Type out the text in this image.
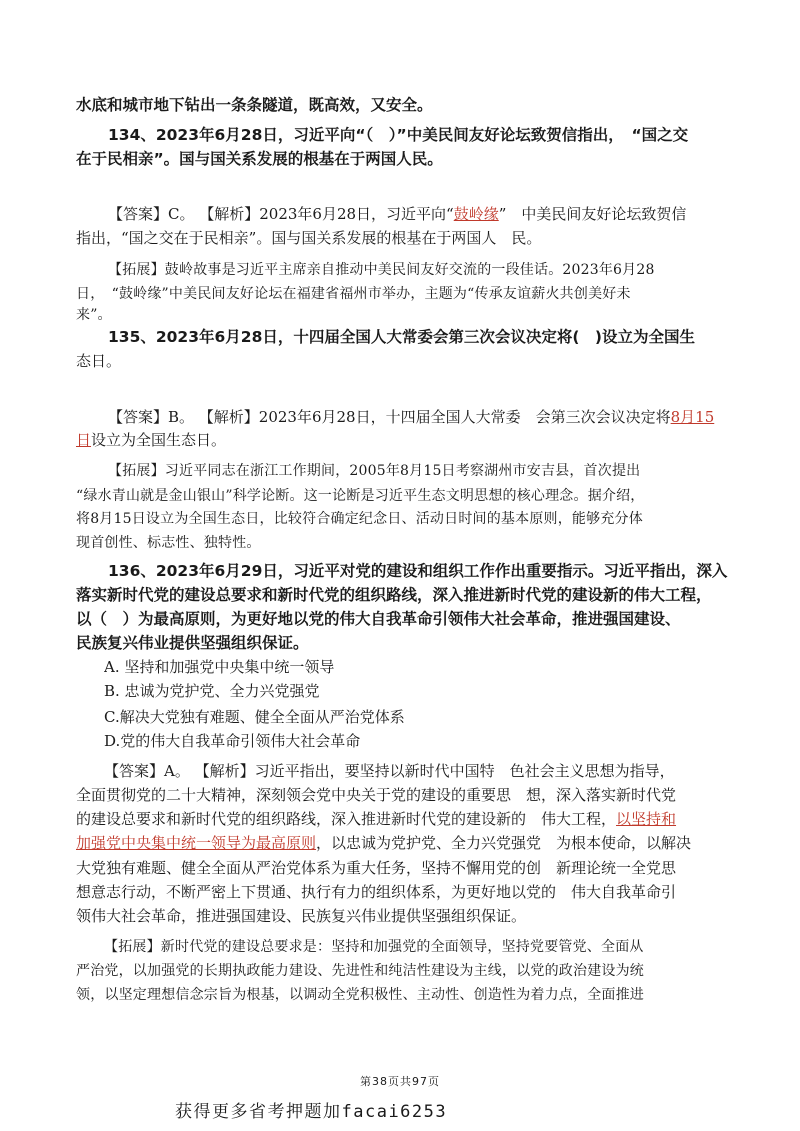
水底和城市地下钻出一条条隧道，既高效，又安全。
134、2023年6月28日，习近平向“（　）”中美民间友好论坛致贺信指出，　“国之交
在于民相亲”。国与国关系发展的根基在于两国人民。
【答案】C。 【解析】2023年6月28日，习近平向“鼓岭缘”　中美民间友好论坛致贺信
指出，“国之交在于民相亲”。国与国关系发展的根基在于两国人　民。
【拓展】鼓岭故事是习近平主席亲自推动中美民间友好交流的一段佳话。2023年6月28
日，　“鼓岭缘”中美民间友好论坛在福建省福州市举办，主题为“传承友谊薪火共创美好未
来”。
135、2023年6月28日，十四届全国人大常委会第三次会议决定将(　)设立为全国生
态日。
【答案】B。 【解析】2023年6月28日，十四届全国人大常委　会第三次会议决定将8月15
日设立为全国生态日。
【拓展】习近平同志在浙江工作期间，2005年8月15日考察湖州市安吉县，首次提出
“绿水青山就是金山银山”科学论断。这一论断是习近平生态文明思想的核心理念。据介绍，
将8月15日设立为全国生态日，比较符合确定纪念日、活动日时间的基本原则，能够充分体
现首创性、标志性、独特性。
136、2023年6月29日，习近平对党的建设和组织工作作出重要指示。习近平指出，深入
落实新时代党的建设总要求和新时代党的组织路线，深入推进新时代党的建设新的伟大工程，
以（　）为最高原则，为更好地以党的伟大自我革命引领伟大社会革命，推进强国建设、
民族复兴伟业提供坚强组织保证。
A. 坚持和加强党中央集中统一领导
B. 忠诚为党护党、全力兴党强党
C.解决大党独有难题、健全全面从严治党体系
D.党的伟大自我革命引领伟大社会革命
【答案】A。 【解析】习近平指出，要坚持以新时代中国特　色社会主义思想为指导，
全面贯彻党的二十大精神，深刻领会党中央关于党的建设的重要思　想，深入落实新时代党
的建设总要求和新时代党的组织路线，深入推进新时代党的建设新的　伟大工程，以坚持和
加强党中央集中统一领导为最高原则，以忠诚为党护党、全力兴党强党　为根本使命，以解决
大党独有难题、健全全面从严治党体系为重大任务，坚持不懈用党的创　新理论统一全党思
想意志行动，不断严密上下贯通、执行有力的组织体系，为更好地以党的　伟大自我革命引
领伟大社会革命，推进强国建设、民族复兴伟业提供坚强组织保证。
【拓展】新时代党的建设总要求是：坚持和加强党的全面领导，坚持党要管党、全面从
严治党，以加强党的长期执政能力建设、先进性和纯洁性建设为主线，以党的政治建设为统
领，以坚定理想信念宗旨为根基，以调动全党积极性、主动性、创造性为着力点，全面推进
第38页共97页
获得更多省考押题加facai6253
